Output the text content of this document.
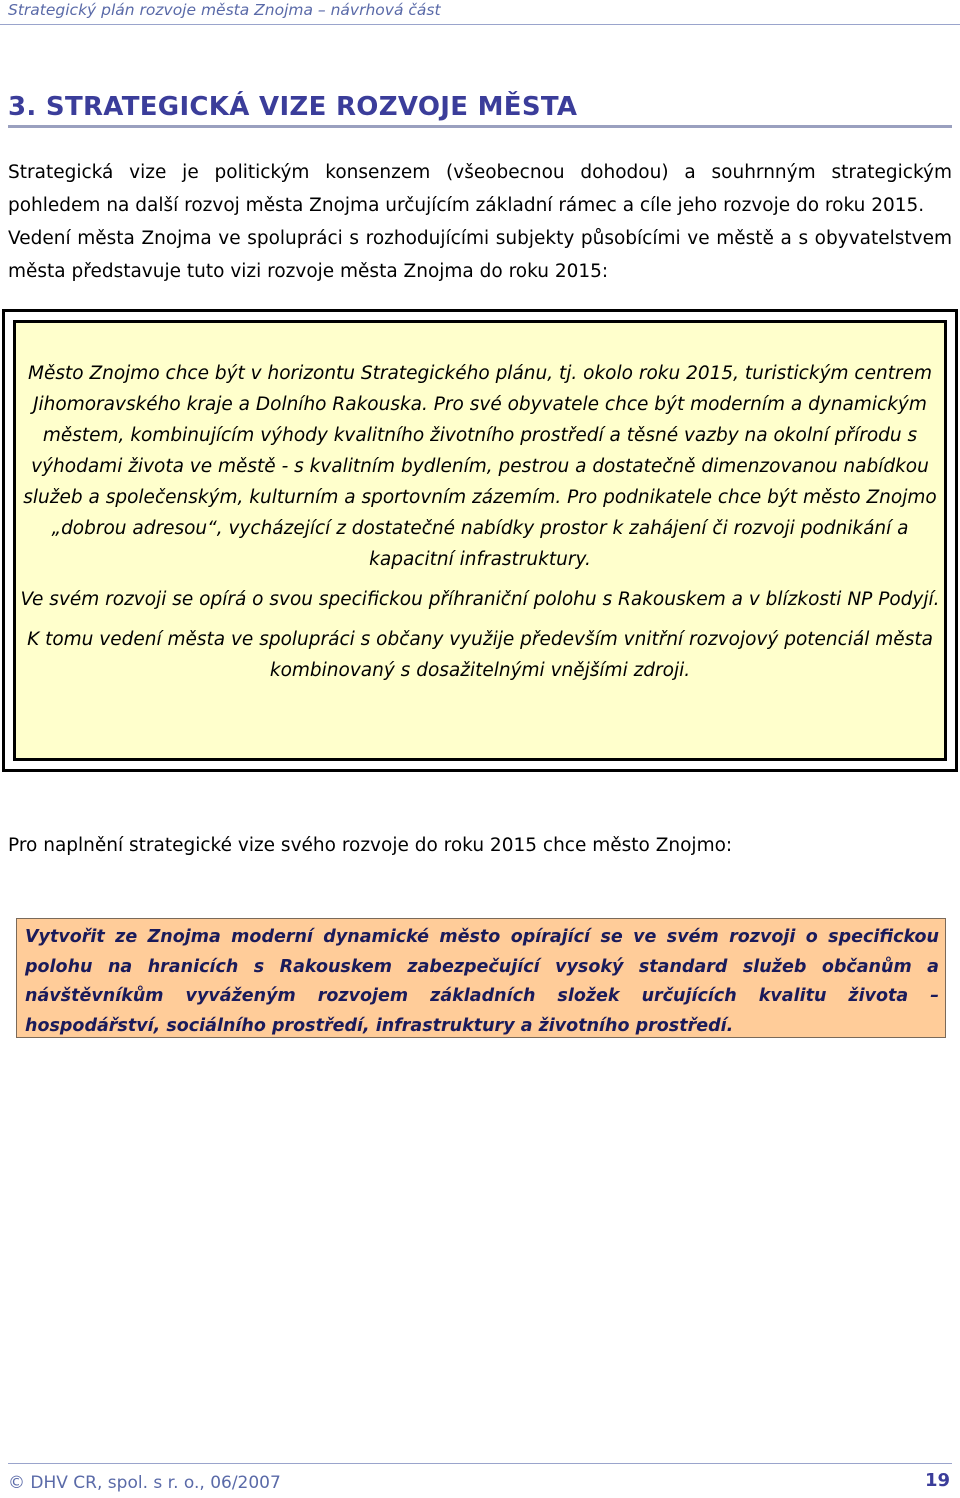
Strategický plán rozvoje města Znojma – návrhová část
3. STRATEGICKÁ VIZE ROZVOJE MĚSTA

Strategická vize je politickým konsenzem (všeobecnou dohodou) a souhrnným strategickým pohledem na další rozvoj města Znojma určujícím základní rámec a cíle jeho rozvoje do roku 2015.

Vedení města Znojma ve spolupráci s rozhodujícími subjekty působícími ve městě a s obyvatelstvem města představuje tuto vizi rozvoje města Znojma do roku 2015:

Město Znojmo chce být v horizontu Strategického plánu, tj. okolo roku 2015, turistickým centrem Jihomoravského kraje a Dolního Rakouska. Pro své obyvatele chce být moderním a dynamickým městem, kombinujícím výhody kvalitního životního prostředí a těsné vazby na okolní přírodu s výhodami života ve městě - s kvalitním bydlením, pestrou a dostatečně dimenzovanou nabídkou služeb a společenským, kulturním a sportovním zázemím. Pro podnikatele chce být město Znojmo „dobrou adresou“, vycházející z dostatečné nabídky prostor k zahájení či rozvoji podnikání a kapacitní infrastruktury.

Ve svém rozvoji se opírá o svou specifickou příhraniční polohu s Rakouskem a v blízkosti NP Podyjí.

K tomu vedení města ve spolupráci s občany využije především vnitřní rozvojový potenciál města kombinovaný s dosažitelnými vnějšími zdroji.

Pro naplnění strategické vize svého rozvoje do roku 2015 chce město Znojmo:

Vytvořit ze Znojma moderní dynamické město opírající se ve svém rozvoji o specifickou polohu na hranicích s Rakouskem zabezpečující vysoký standard služeb občanům a návštěvníkům vyváženým rozvojem základních složek určujících kvalitu života – hospodářství, sociálního prostředí, infrastruktury a životního prostředí.

© DHV CR, spol. s r. o., 06/2007	19
